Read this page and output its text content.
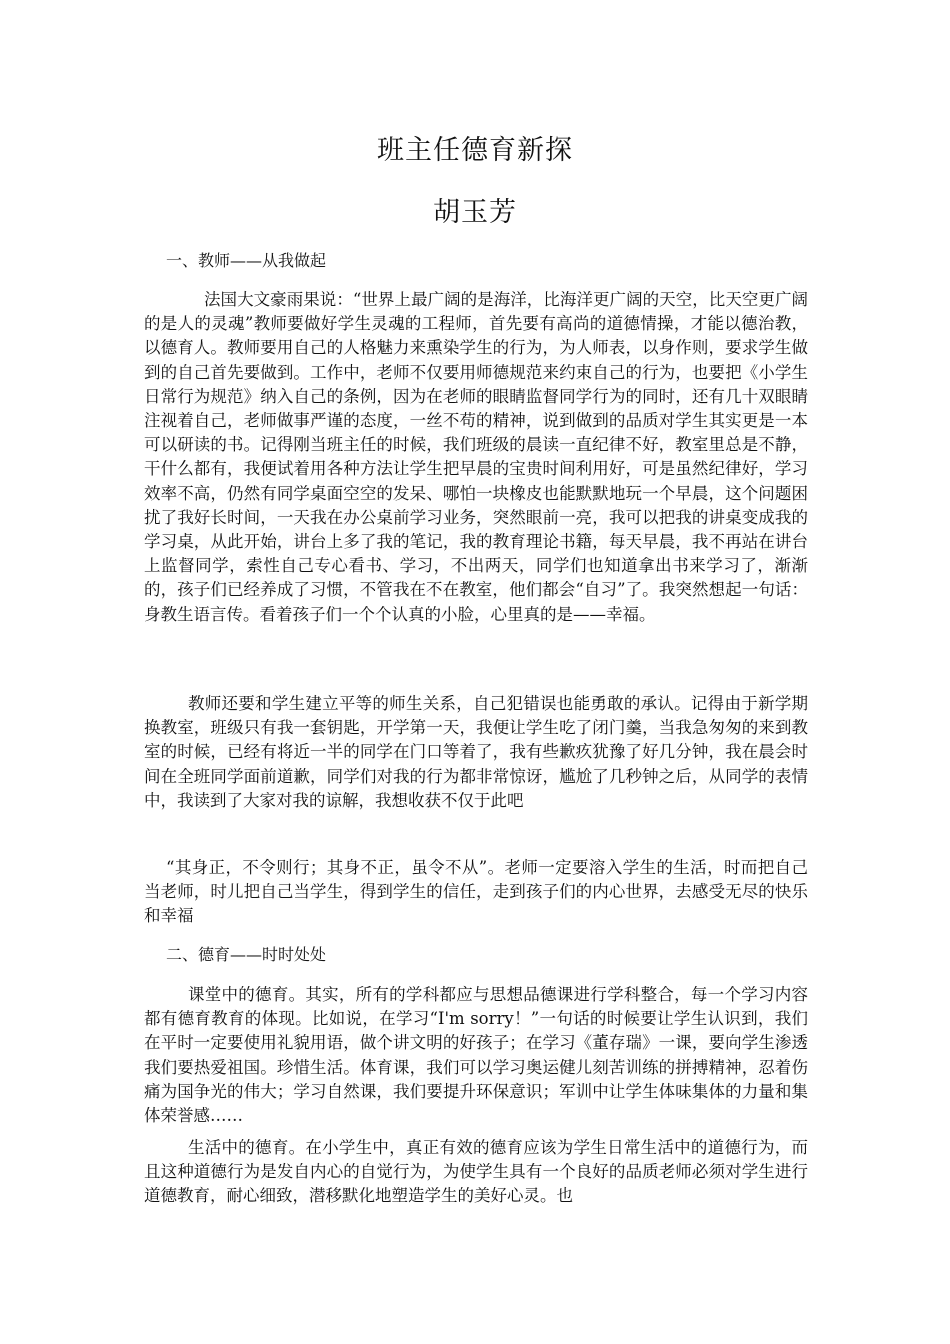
班主任德育新探
胡玉芳
一、教师——从我做起

法国大文豪雨果说：“世界上最广阔的是海洋，比海洋更广阔的天空，比天空更广阔的是人的灵魂”教师要做好学生灵魂的工程师，首先要有高尚的道德情操，才能以德治教，以德育人。教师要用自己的人格魅力来熏染学生的行为，为人师表，以身作则，要求学生做到的自己首先要做到。工作中，老师不仅要用师德规范来约束自己的行为，也要把《小学生日常行为规范》纳入自己的条例，因为在老师的眼睛监督同学行为的同时，还有几十双眼睛注视着自己，老师做事严谨的态度，一丝不苟的精神，说到做到的品质对学生其实更是一本可以研读的书。记得刚当班主任的时候，我们班级的晨读一直纪律不好，教室里总是不静，干什么都有，我便试着用各种方法让学生把早晨的宝贵时间利用好，可是虽然纪律好，学习效率不高，仍然有同学桌面空空的发呆、哪怕一块橡皮也能默默地玩一个早晨，这个问题困扰了我好长时间，一天我在办公桌前学习业务，突然眼前一亮，我可以把我的讲桌变成我的学习桌，从此开始，讲台上多了我的笔记，我的教育理论书籍，每天早晨，我不再站在讲台上监督同学，索性自己专心看书、学习，不出两天，同学们也知道拿出书来学习了，渐渐的，孩子们已经养成了习惯，不管我在不在教室，他们都会“自习”了。我突然想起一句话：身教生语言传。看着孩子们一个个认真的小脸，心里真的是——幸福。

教师还要和学生建立平等的师生关系，自己犯错误也能勇敢的承认。记得由于新学期换教室，班级只有我一套钥匙，开学第一天，我便让学生吃了闭门羹，当我急匆匆的来到教室的时候，已经有将近一半的同学在门口等着了，我有些歉疚犹豫了好几分钟，我在晨会时间在全班同学面前道歉，同学们对我的行为都非常惊讶，尴尬了几秒钟之后，从同学的表情中，我读到了大家对我的谅解，我想收获不仅于此吧

“其身正，不令则行；其身不正，虽令不从”。老师一定要溶入学生的生活，时而把自己当老师，时儿把自己当学生，得到学生的信任，走到孩子们的内心世界，去感受无尽的快乐和幸福

二、德育——时时处处

课堂中的德育。其实，所有的学科都应与思想品德课进行学科整合，每一个学习内容都有德育教育的体现。比如说，在学习“I'm sorry！”一句话的时候要让学生认识到，我们在平时一定要使用礼貌用语，做个讲文明的好孩子；在学习《董存瑞》一课，要向学生渗透我们要热爱祖国。珍惜生活。体育课，我们可以学习奥运健儿刻苦训练的拼搏精神，忍着伤痛为国争光的伟大；学习自然课，我们要提升环保意识；军训中让学生体味集体的力量和集体荣誉感……

生活中的德育。在小学生中，真正有效的德育应该为学生日常生活中的道德行为，而且这种道德行为是发自内心的自觉行为，为使学生具有一个良好的品质老师必须对学生进行道德教育，耐心细致，潜移默化地塑造学生的美好心灵。也
